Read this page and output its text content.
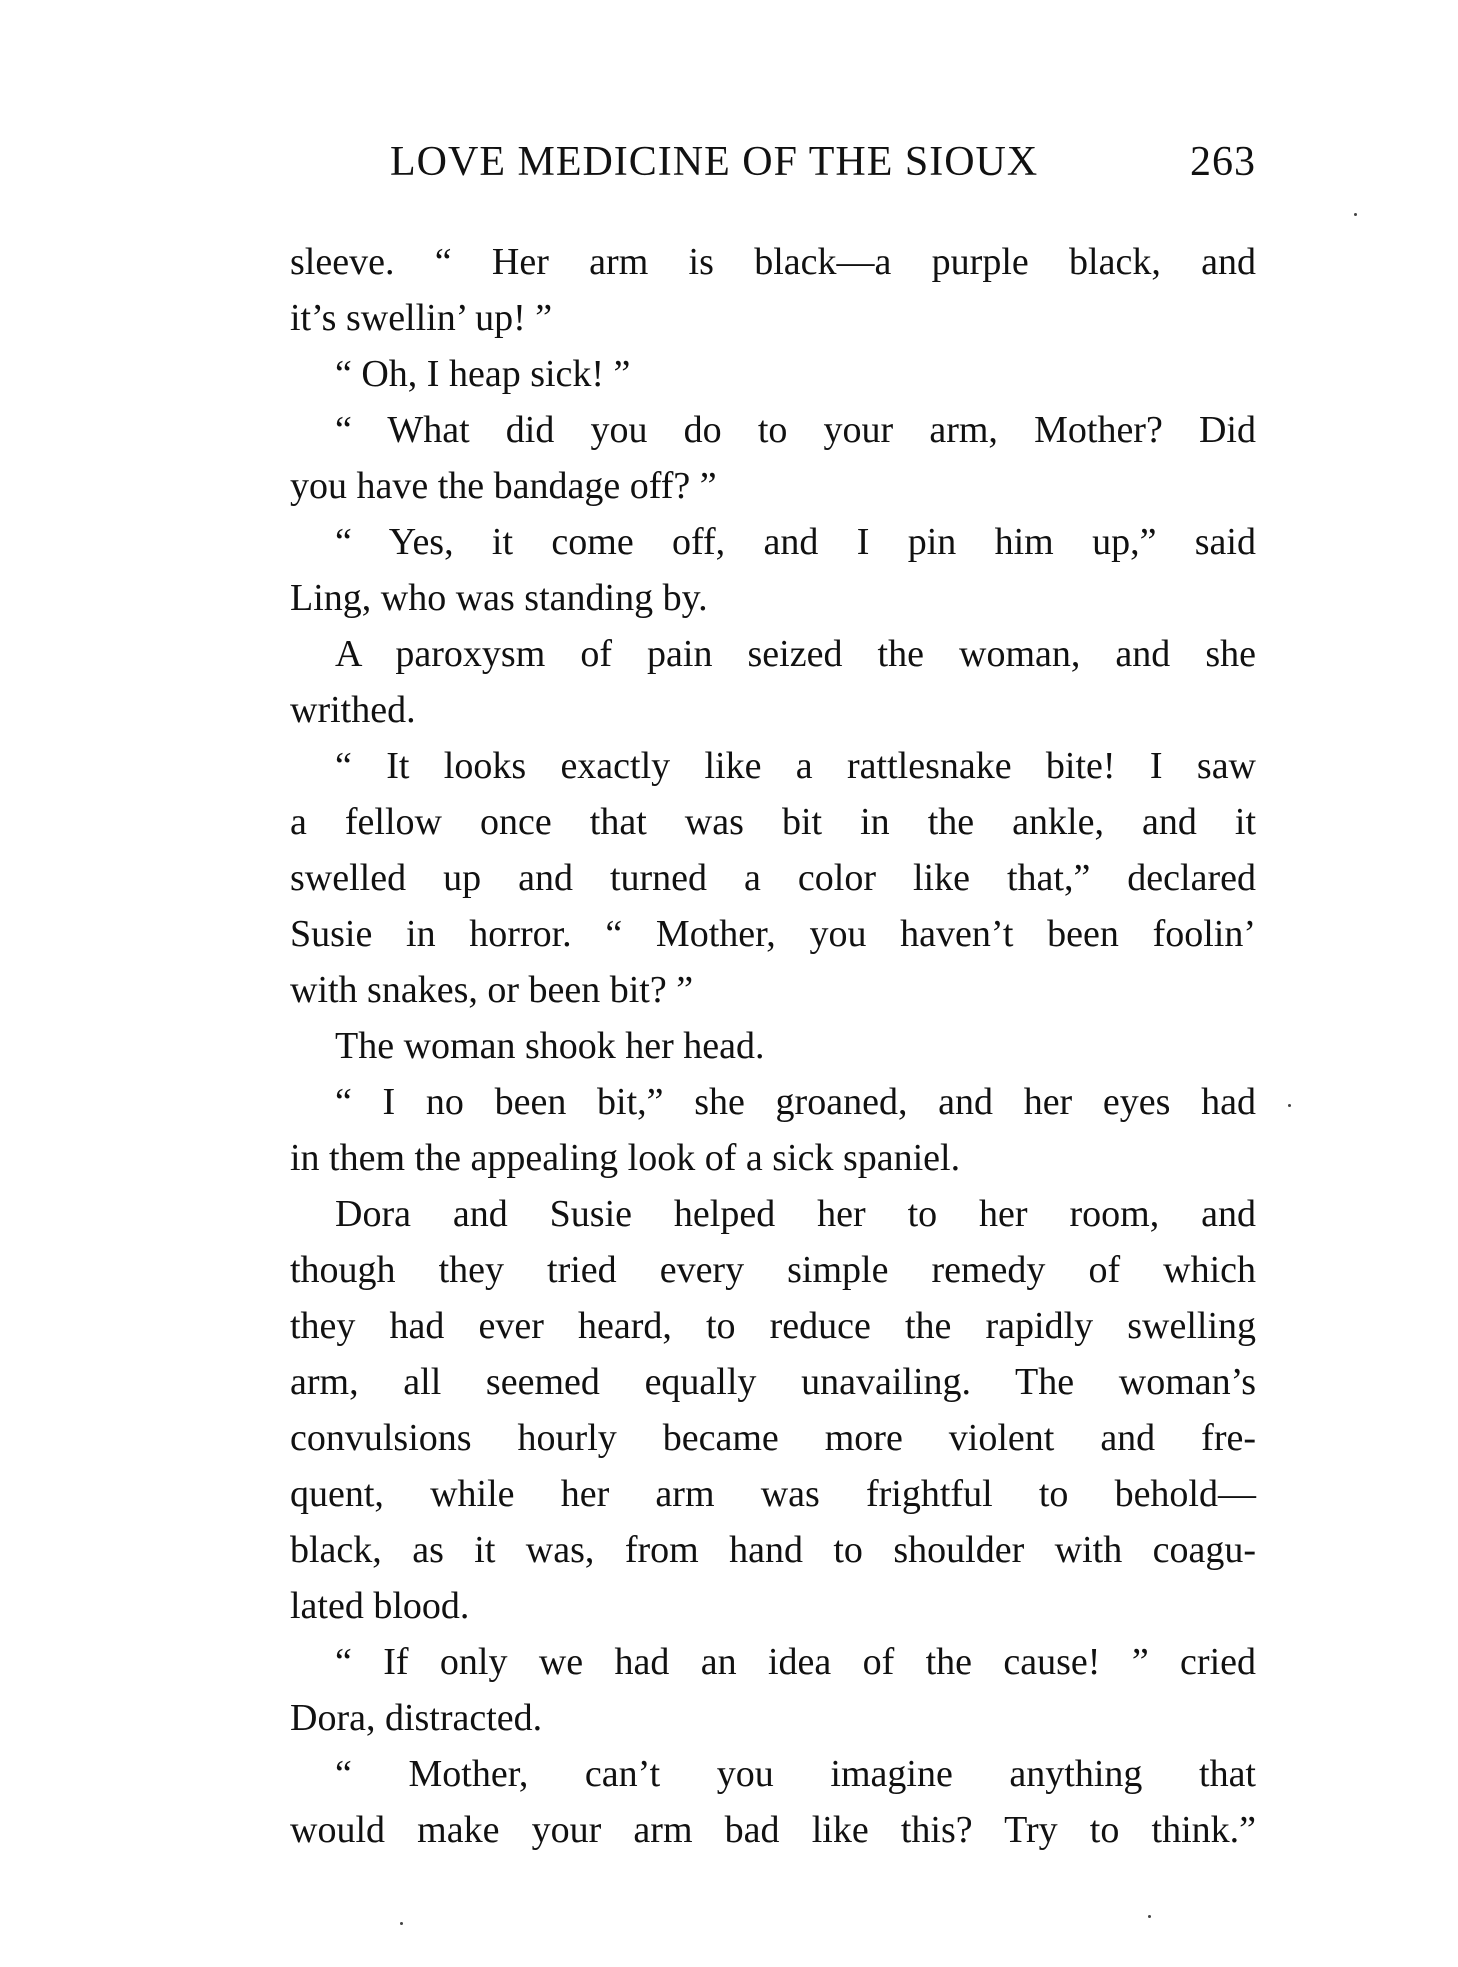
LOVE MEDICINE OF THE SIOUX	263
sleeve. “ Her arm is black—a purple black, and
it’s swellin’ up! ”
“ Oh, I heap sick! ”
“ What did you do to your arm, Mother? Did
you have the bandage off? ”
“ Yes, it come off, and I pin him up,” said
Ling, who was standing by.
A paroxysm of pain seized the woman, and she
writhed.
“ It looks exactly like a rattlesnake bite! I saw
a fellow once that was bit in the ankle, and it
swelled up and turned a color like that,” declared
Susie in horror. “ Mother, you haven’t been foolin’
with snakes, or been bit? ”
The woman shook her head.
“ I no been bit,” she groaned, and her eyes had
in them the appealing look of a sick spaniel.
Dora and Susie helped her to her room, and
though they tried every simple remedy of which
they had ever heard, to reduce the rapidly swelling
arm, all seemed equally unavailing. The woman’s
convulsions hourly became more violent and fre-
quent, while her arm was frightful to behold—
black, as it was, from hand to shoulder with coagu-
lated blood.
“ If only we had an idea of the cause! ” cried
Dora, distracted.
“ Mother, can’t you imagine anything that
would make your arm bad like this? Try to think.”
